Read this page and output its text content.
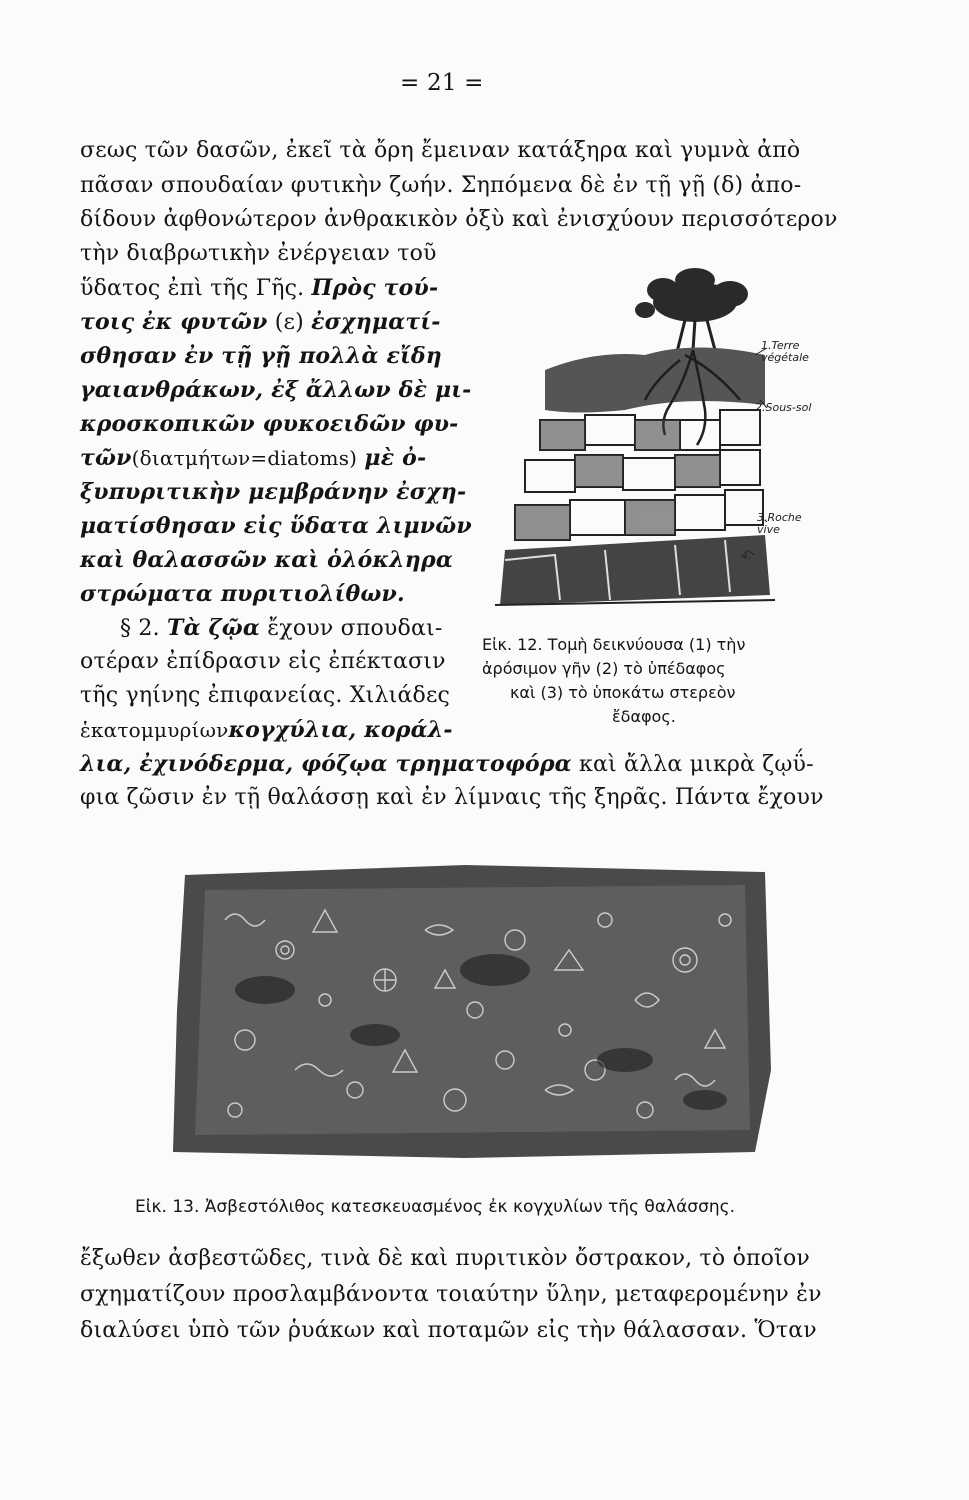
= 21 =
σεως τῶν δασῶν, ἐκεῖ τὰ ὄρη ἔμειναν κατάξηρα καὶ γυμνὰ ἀπὸ
πᾶσαν σπουδαίαν φυτικὴν ζωήν. Σηπόμενα δὲ ἐν τῇ γῇ (δ) ἀπο-
δίδουν ἀφθονώτερον ἀνθρακικὸν ὀξὺ καὶ ἐνισχύουν περισσότερον
τὴν διαβρωτικὴν ἐνέργειαν τοῦ
ὕδατος ἐπὶ τῆς Γῆς. Πρὸς τού-
τοις ἐκ φυτῶν (ε) ἐσχηματί-
σθησαν ἐν τῇ γῇ πολλὰ εἴδη
γαιανθράκων, ἐξ ἄλλων δὲ μι-
κροσκοπικῶν φυκοειδῶν φυ-
τῶν(διατμήτων=diatoms) μὲ ὀ-
ξυπυριτικὴν μεμβράνην ἐσχη-
ματίσθησαν εἰς ὕδατα λιμνῶν
καὶ θαλασσῶν καὶ ὁλόκληρα
στρώματα πυριτιολίθων.
§ 2. Τὰ ζῷα ἔχουν σπουδαι-
οτέραν ἐπίδρασιν εἰς ἐπέκτασιν
τῆς γηίνης ἐπιφανείας. Χιλιάδες
ἑκατομμυρίωνκογχύλια, κοράλ-
1.Terre végétale
2.Sous-sol
3.Roche vive
4.
Εἰκ. 12. Τομὴ δεικνύουσα (1) τὴν
ἀρόσιμον γῆν (2) τὸ ὑπέδαφος
καὶ (3) τὸ ὑποκάτω στερεὸν
ἔδαφος.
λια, ἐχινόδερμα, φόζῳα τρηματοφόρα καὶ ἄλλα μικρὰ ζῳΰ-
φια ζῶσιν ἐν τῇ θαλάσσῃ καὶ ἐν λίμναις τῆς ξηρᾶς. Πάντα ἔχουν
Εἰκ. 13. Ἀσβεστόλιθος κατεσκευασμένος ἐκ κογχυλίων τῆς θαλάσσης.
ἔξωθεν ἀσβεστῶδες, τινὰ δὲ καὶ πυριτικὸν ὄστρακον, τὸ ὁποῖον
σχηματίζουν προσλαμβάνοντα τοιαύτην ὕλην, μεταφερομένην ἐν
διαλύσει ὑπὸ τῶν ῥυάκων καὶ ποταμῶν εἰς τὴν θάλασσαν. Ὅταν
